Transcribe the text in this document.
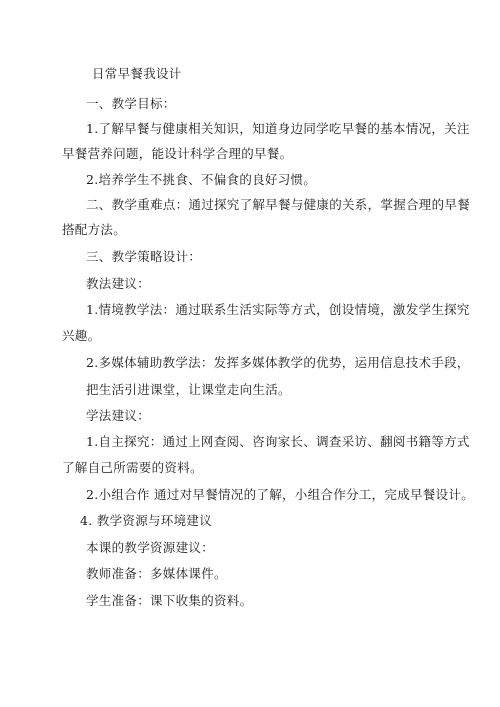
日常早餐我设计
一、教学目标：
1.了解早餐与健康相关知识，知道身边同学吃早餐的基本情况，关注
早餐营养问题，能设计科学合理的早餐。
2.培养学生不挑食、不偏食的良好习惯。
二、教学重难点：通过探究了解早餐与健康的关系，掌握合理的早餐
搭配方法。
三、教学策略设计：
教法建议：
1.情境教学法：通过联系生活实际等方式，创设情境，激发学生探究
兴趣。
2.多媒体辅助教学法：发挥多媒体教学的优势，运用信息技术手段，
把生活引进课堂，让课堂走向生活。
学法建议：
1.自主探究：通过上网查阅、咨询家长、调查采访、翻阅书籍等方式
了解自己所需要的资料。
2.小组合作 通过对早餐情况的了解，小组合作分工，完成早餐设计。
4. 教学资源与环境建议
本课的教学资源建议：
教师准备：多媒体课件。
学生准备：课下收集的资料。
